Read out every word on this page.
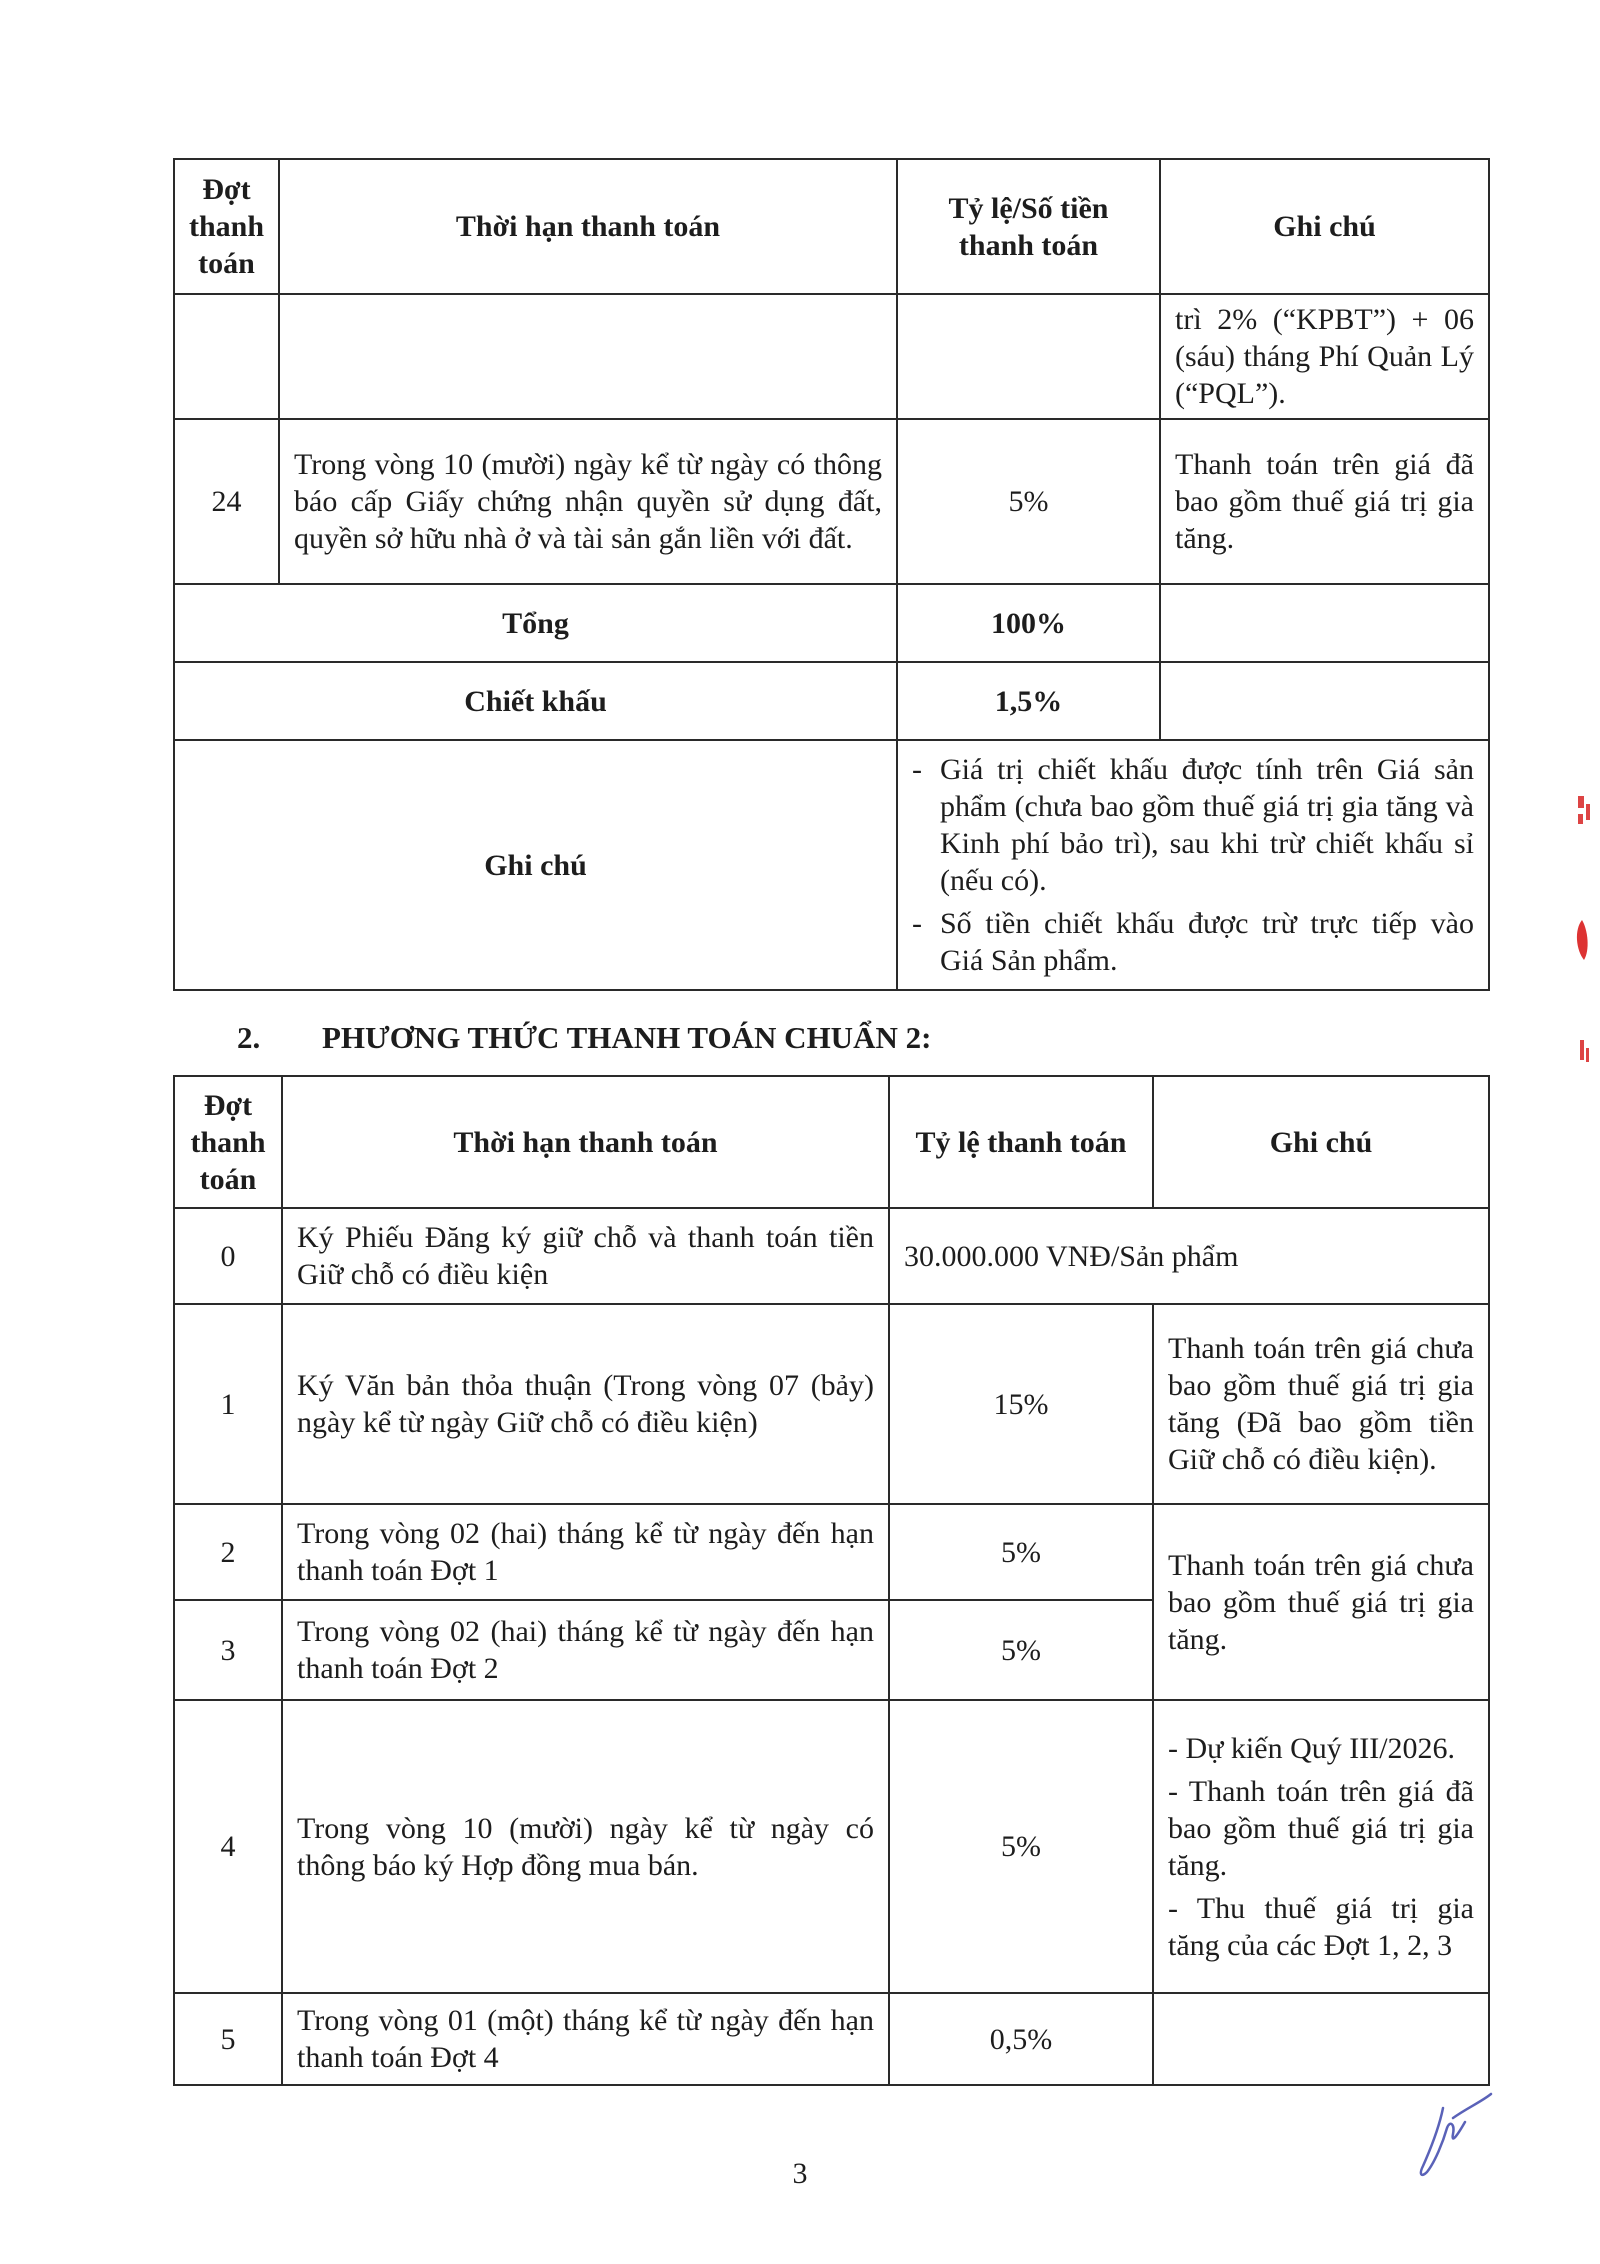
Đợt thanh toán	Thời hạn thanh toán	Tỷ lệ/Số tiền thanh toán	Ghi chú
			trì 2% (“KPBT”) + 06 (sáu) tháng Phí Quản Lý (“PQL”).
24	Trong vòng 10 (mười) ngày kể từ ngày có thông báo cấp Giấy chứng nhận quyền sử dụng đất, quyền sở hữu nhà ở và tài sản gắn liền với đất.	5%	Thanh toán trên giá đã bao gồm thuế giá trị gia tăng.
Tổng		100%	
Chiết khấu		1,5%	
Ghi chú		- Giá trị chiết khấu được tính trên Giá sản phẩm (chưa bao gồm thuế giá trị gia tăng và Kinh phí bảo trì), sau khi trừ chiết khấu sỉ (nếu có).
- Số tiền chiết khấu được trừ trực tiếp vào Giá Sản phẩm.	
2. PHƯƠNG THỨC THANH TOÁN CHUẨN 2:
Đợt thanh toán	Thời hạn thanh toán	Tỷ lệ thanh toán	Ghi chú
0	Ký Phiếu Đăng ký giữ chỗ và thanh toán tiền Giữ chỗ có điều kiện	30.000.000 VNĐ/Sản phẩm	
1	Ký Văn bản thỏa thuận (Trong vòng 07 (bảy) ngày kể từ ngày Giữ chỗ có điều kiện)	15%	Thanh toán trên giá chưa bao gồm thuế giá trị gia tăng (Đã bao gồm tiền Giữ chỗ có điều kiện).
2	Trong vòng 02 (hai) tháng kể từ ngày đến hạn thanh toán Đợt 1	5%	Thanh toán trên giá chưa bao gồm thuế giá trị gia tăng.
3	Trong vòng 02 (hai) tháng kể từ ngày đến hạn thanh toán Đợt 2	5%	
4	Trong vòng 10 (mười) ngày kể từ ngày có thông báo ký Hợp đồng mua bán.	5%	- Dự kiến Quý III/2026.

- Thanh toán trên giá đã bao gồm thuế giá trị gia tăng.

- Thu thuế giá trị gia tăng của các Đợt 1, 2, 3

5	Trong vòng 01 (một) tháng kể từ ngày đến hạn thanh toán Đợt 4	0,5%	
3
